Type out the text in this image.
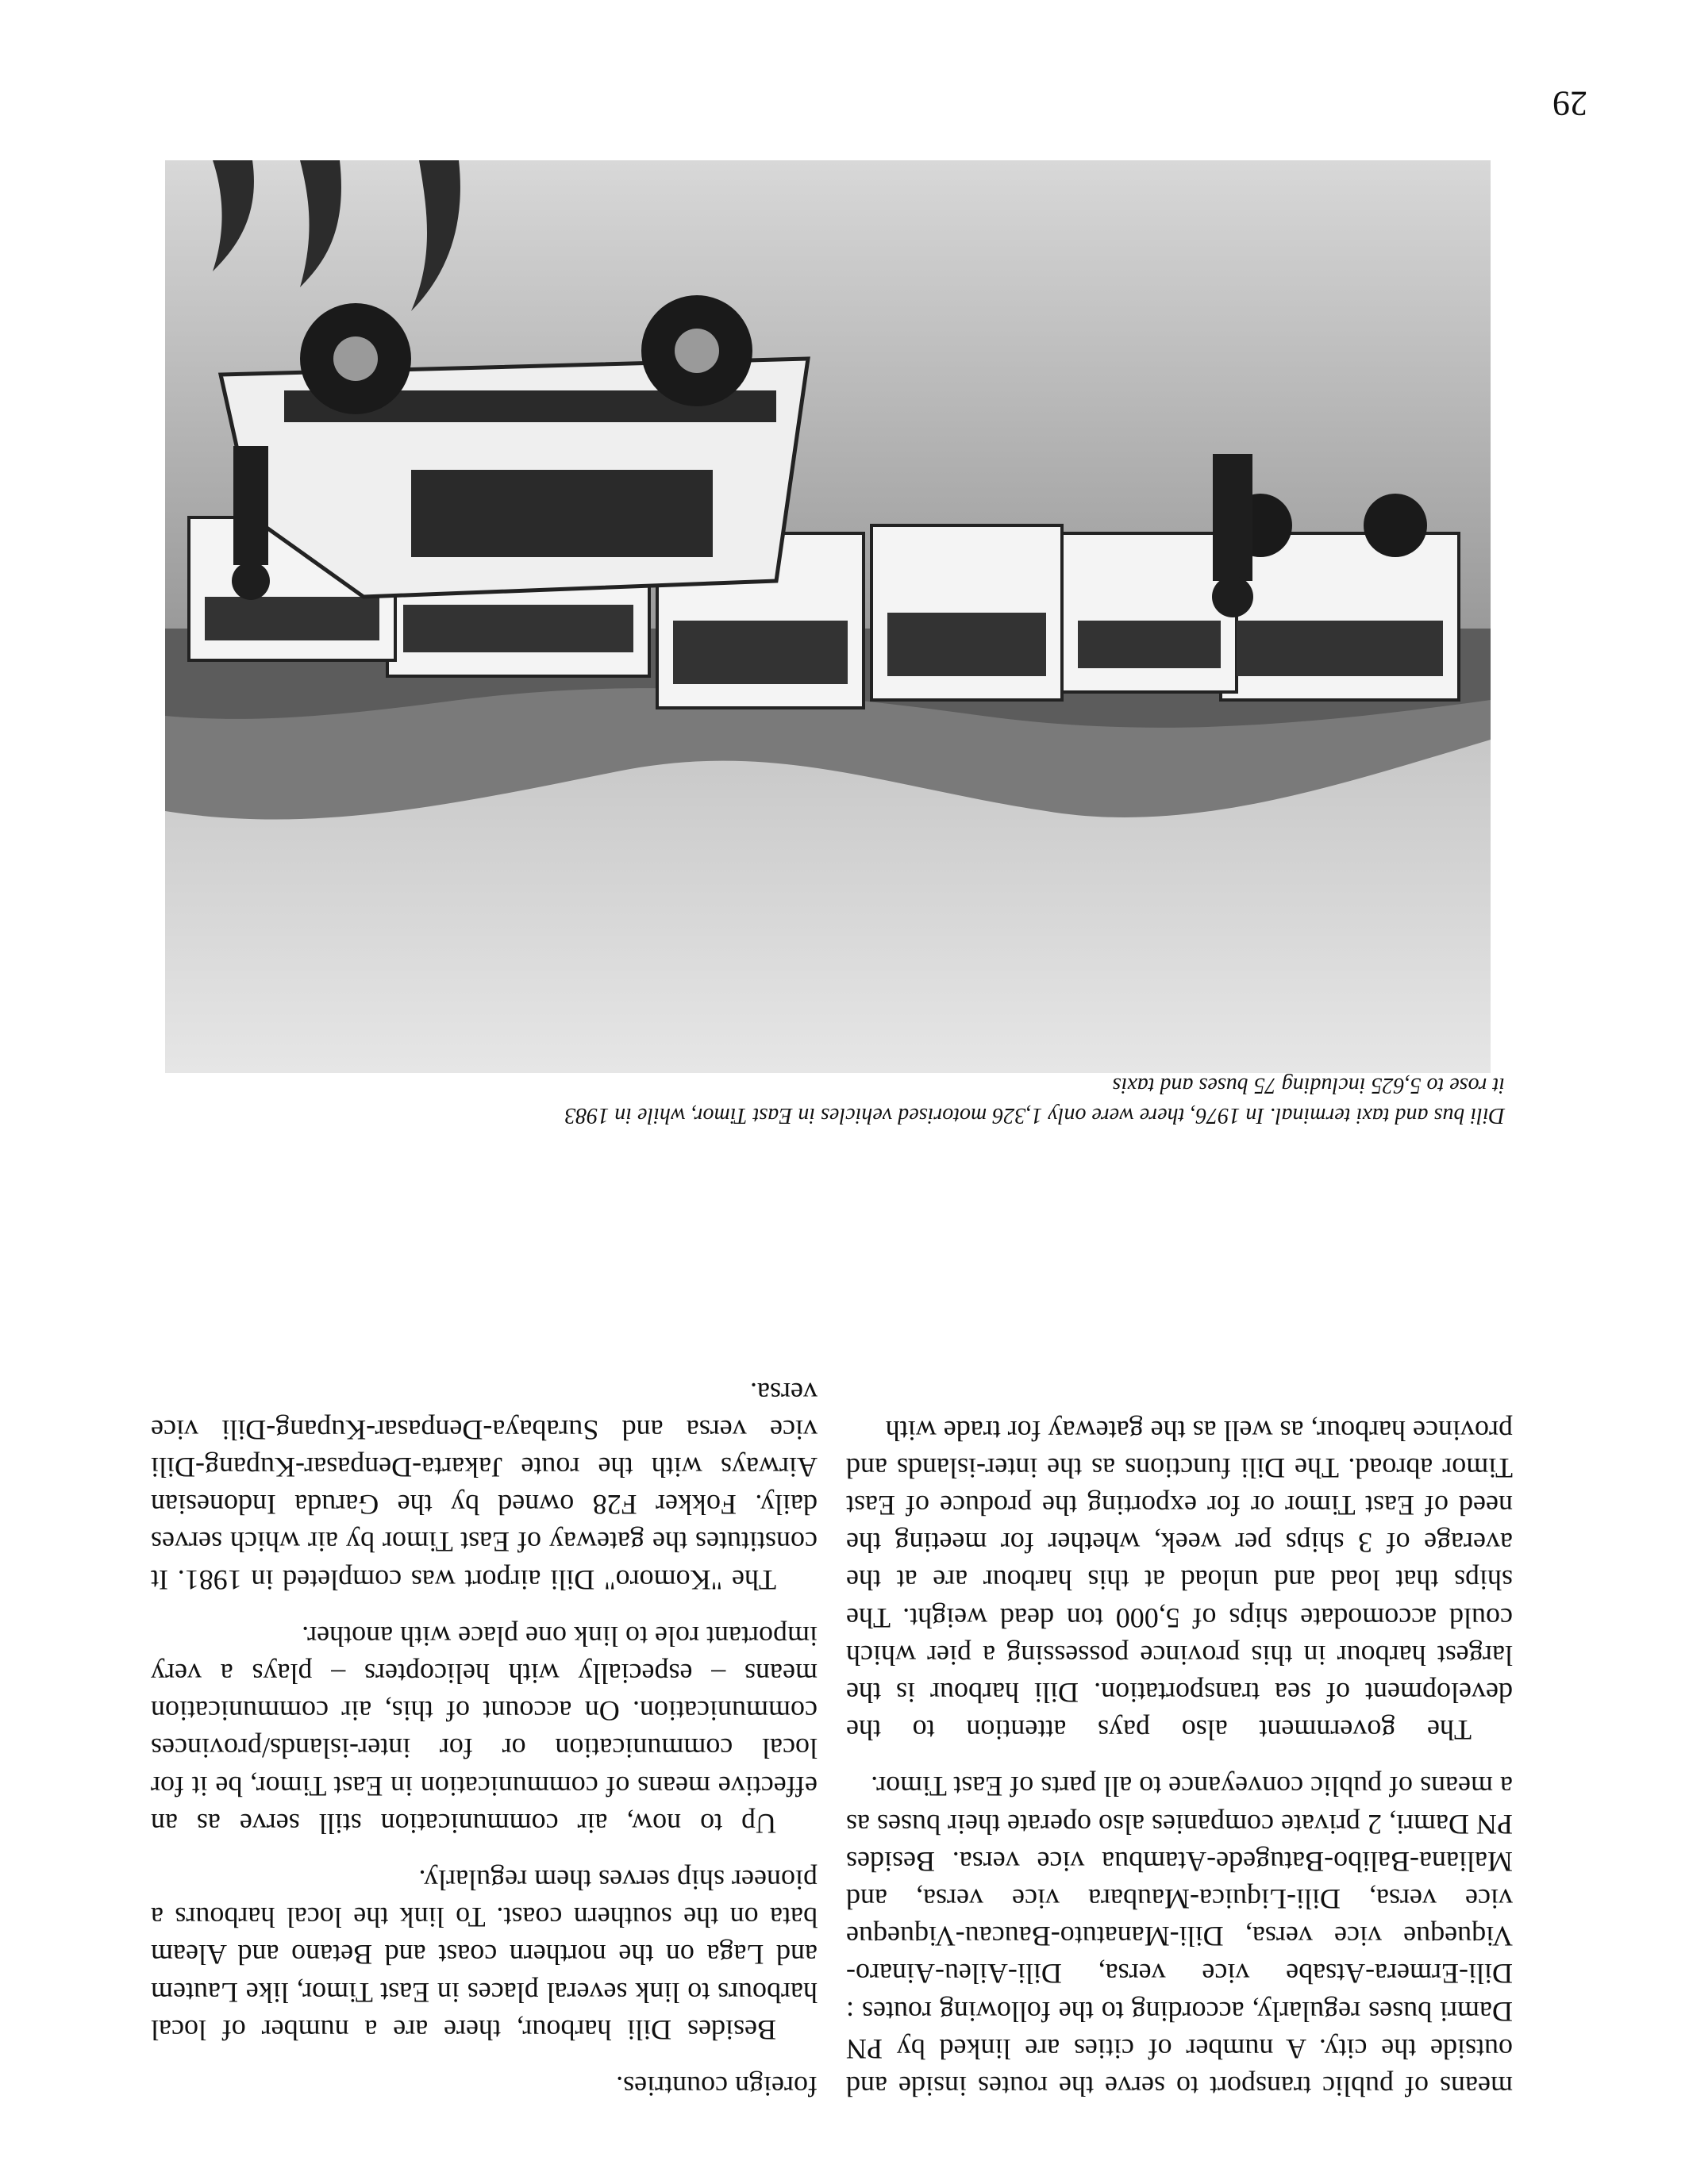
means of public transport to serve the routes inside and outside the city. A number of cities are linked by PN Damri buses regularly, according to the following routes : Dili-Ermera-Atsabe vice versa, Dili-Aileu-Ainaro-Viqueque vice versa, Dili-Manatuto-Baucau-Viqueque vice versa, Dili-Liquica-Maubara vice versa, and Maliana-Balibo-Batugede-Atambua vice versa. Besides PN Damri, 2 private companies also operate their buses as a means of public conveyance to all parts of East Timor.

The government also pays attention to the development of sea transportation. Dili harbour is the largest harbour in this province possessing a pier which could accomodate ships of 5,000 ton dead weight. The ships that load and unload at this harbour are at the average of 3 ships per week, whether for meeting the need of East Timor or for exporting the produce of East Timor abroad. The Dili functions as the inter-islands and province harbour, as well as the gateway for trade with

foreign countries.

Besides Dili harbour, there are a number of local harbours to link several places in East Timor, like Lautem and Laga on the northern coast and Betano and Aleam bata on the southern coast. To link the local harbours a pioneer ship serves them regularly.

Up to now, air communication still serve as an effective means of communication in East Timor, be it for local communication or for inter-islands/provinces communication. On account of this, air communication means – especially with helicopters – plays a very important role to link one place with another.

The "Komoro" Dili airport was completed in 1981. It constitutes the gateway of East Timor by air which serves daily. Fokker F28 owned by the Garuda Indonesian Airways with the route Jakarta-Denpasar-Kupang-Dili vice versa and Surabaya-Denpasar-Kupang-Dili vice versa.

Dili bus and taxi terminal. In 1976, there were only 1,326 motorised vehicles in East Timor, while in 1983
it rose to 5,625 including 75 buses and taxis
29
